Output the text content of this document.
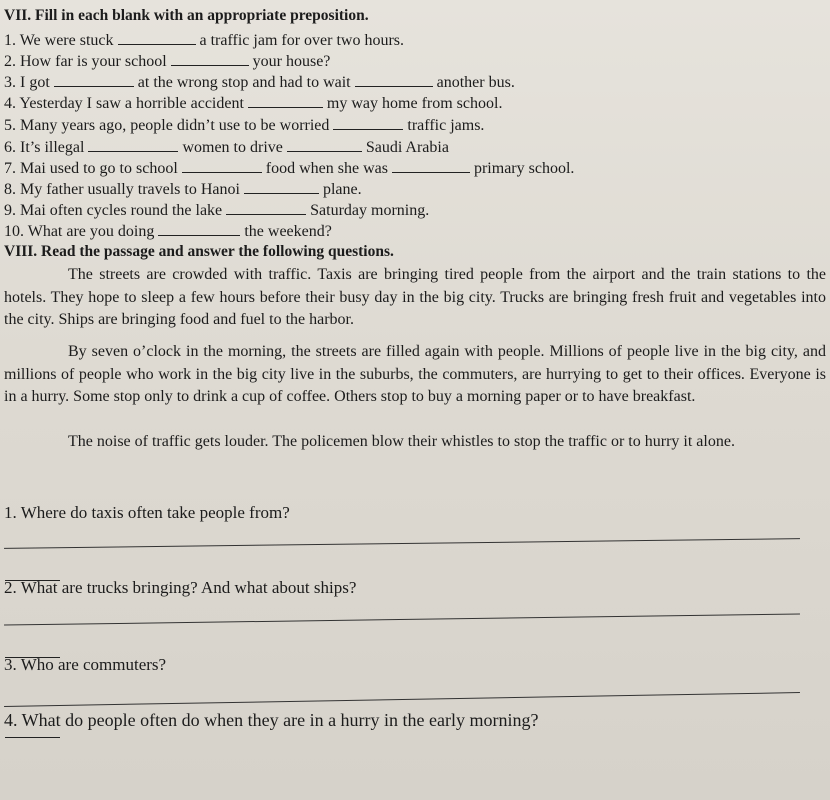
VII. Fill in each blank with an appropriate preposition.
1. We were stuck	a traffic jam for over two hours.
2. How far is your school	your house?
3. I got	at the wrong stop and had to wait	another bus.
4. Yesterday I saw a horrible accident	my way home from school.
5. Many years ago, people didn’t use to be worried	traffic jams.
6. It’s illegal	women to drive	Saudi Arabia
7. Mai used to go to school	food when she was	primary school.
8. My father usually travels to Hanoi	plane.
9. Mai often cycles round the lake	Saturday morning.
10. What are you doing	the weekend?
VIII. Read the passage and answer the following questions.
The streets are crowded with traffic. Taxis are bringing tired people from the airport and the train stations to the hotels. They hope to sleep a few hours before their busy day in the big city. Trucks are bringing fresh fruit and vegetables into the city. Ships are bringing food and fuel to the harbor.
By seven o’clock in the morning, the streets are filled again with people. Millions of people live in the big city, and millions of people who work in the big city live in the suburbs, the commuters, are hurrying to get to their offices. Everyone is in a hurry. Some stop only to drink a cup of coffee. Others stop to buy a morning paper or to have breakfast.
The noise of traffic gets louder. The policemen blow their whistles to stop the traffic or to hurry it alone.
1. Where do taxis often take people from?
2. What are trucks bringing? And what about ships?
3. Who are commuters?
4. What do people often do when they are in a hurry in the early morning?
